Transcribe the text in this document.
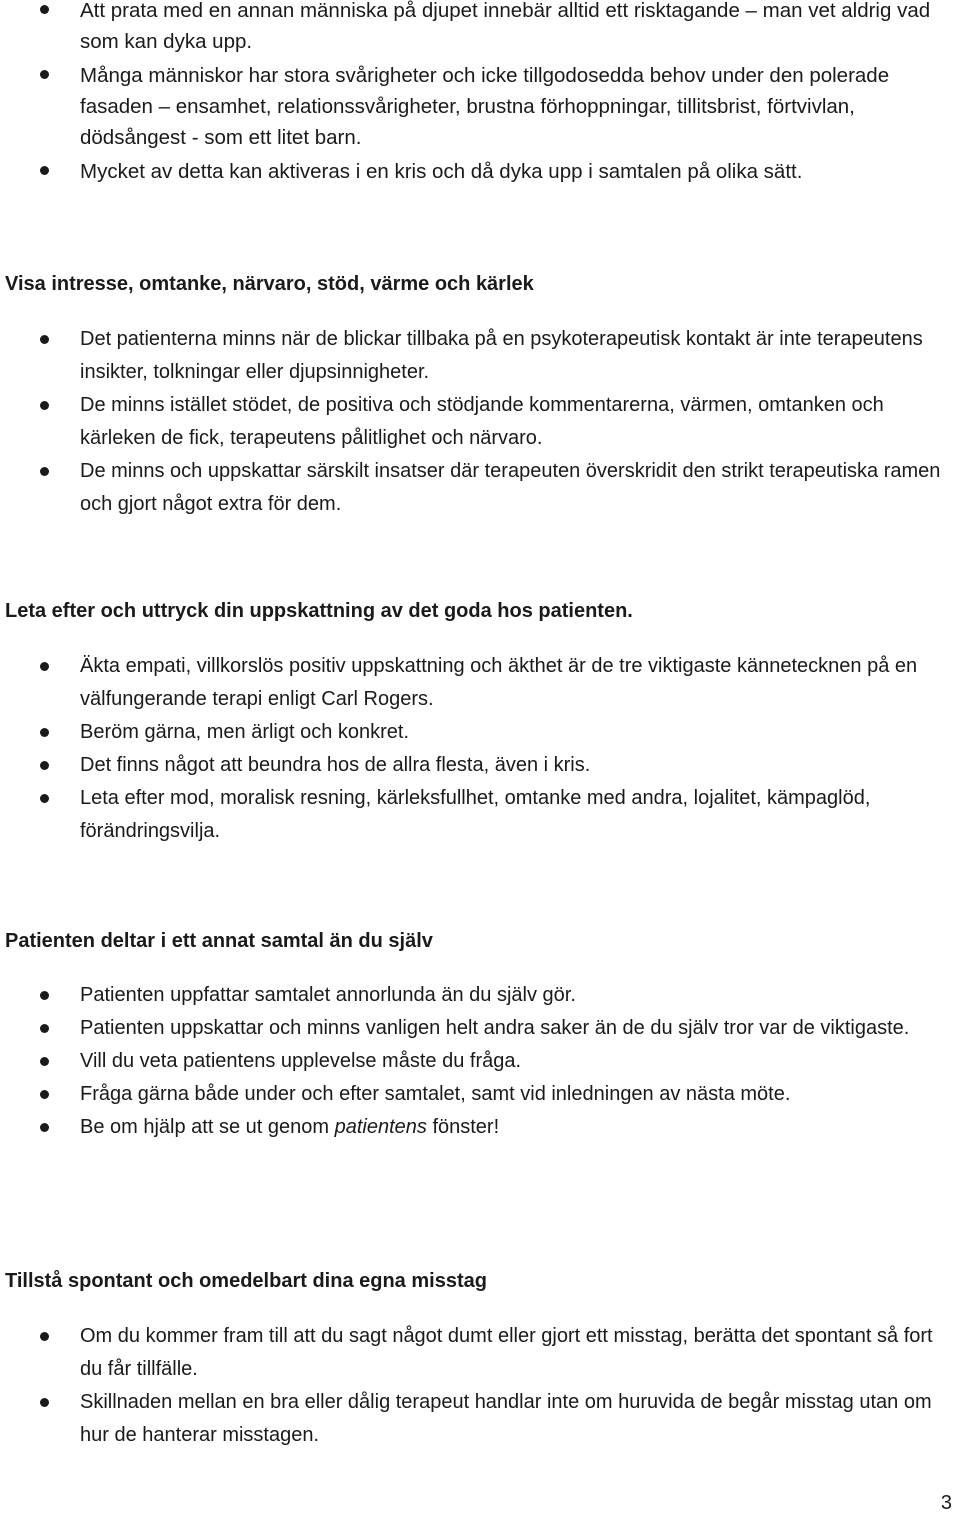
Att prata med en annan människa på djupet innebär alltid ett risktagande – man vet aldrig vad som kan dyka upp.
Många människor har stora svårigheter och icke tillgodosedda behov under den polerade fasaden – ensamhet, relationssvårigheter, brustna förhoppningar, tillitsbrist, förtvivlan, dödsångest - som ett litet barn.
Mycket av detta kan aktiveras i en kris och då dyka upp i samtalen på olika sätt.
Visa intresse, omtanke, närvaro, stöd, värme och kärlek
Det patienterna minns när de blickar tillbaka på en psykoterapeutisk kontakt är inte terapeutens insikter, tolkningar eller djupsinnigheter.
De minns istället stödet, de positiva och stödjande kommentarerna, värmen, omtanken och kärleken de fick, terapeutens pålitlighet och närvaro.
De minns och uppskattar särskilt insatser där terapeuten överskridit den strikt terapeutiska ramen och gjort något extra för dem.
Leta efter och uttryck din uppskattning av det goda hos patienten.
Äkta empati, villkorslös positiv uppskattning och äkthet är de tre viktigaste kännetecknen på en välfungerande terapi enligt Carl Rogers.
Beröm gärna, men ärligt och konkret.
Det finns något att beundra hos de allra flesta, även i kris.
Leta efter mod, moralisk resning, kärleksfullhet, omtanke med andra, lojalitet, kämpaglöd, förändringsvilja.
Patienten deltar i ett annat samtal än du själv
Patienten uppfattar samtalet annorlunda än du själv gör.
Patienten uppskattar och minns vanligen helt andra saker än de du själv tror var de viktigaste.
Vill du veta patientens upplevelse måste du fråga.
Fråga gärna både under och efter samtalet, samt vid inledningen av nästa möte.
Be om hjälp att se ut genom patientens fönster!
Tillstå spontant och omedelbart dina egna misstag
Om du kommer fram till att du sagt något dumt eller gjort ett misstag, berätta det spontant så fort du får tillfälle.
Skillnaden mellan en bra eller dålig terapeut handlar inte om huruvida de begår misstag utan om hur de hanterar misstagen.
3
